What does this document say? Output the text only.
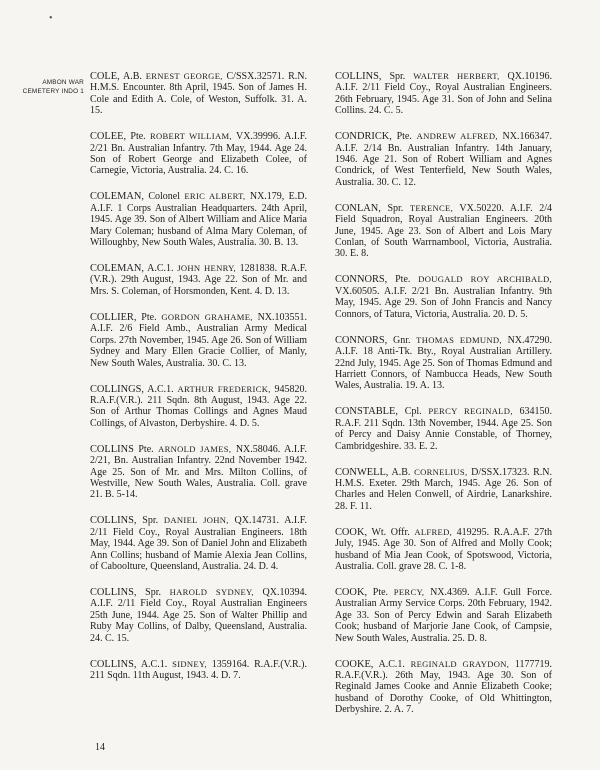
•
AMBON WAR CEMETERY INDO 1

COLE, A.B. ERNEST GEORGE, C/SSX.32571. R.N. H.M.S. Encounter. 8th April, 1945. Son of James H. Cole and Edith A. Cole, of Weston, Suffolk. 31. A. 15.

COLEE, Pte. ROBERT WILLIAM, VX.39996. A.I.F. 2/21 Bn. Australian Infantry. 7th May, 1944. Age 24. Son of Robert George and Elizabeth Colee, of Carnegie, Victoria, Australia. 24. C. 16.

COLEMAN, Colonel ERIC ALBERT, NX.179, E.D. A.I.F. 1 Corps Australian Headquarters. 24th April, 1945. Age 39. Son of Albert William and Alice Maria Mary Coleman; husband of Alma Mary Coleman, of Willoughby, New South Wales, Australia. 30. B. 13.

COLEMAN, A.C.1. JOHN HENRY, 1281838. R.A.F.(V.R.). 29th August, 1943. Age 22. Son of Mr. and Mrs. S. Coleman, of Horsmonden, Kent. 4. D. 13.

COLLIER, Pte. GORDON GRAHAME, NX.103551. A.I.F. 2/6 Field Amb., Australian Army Medical Corps. 27th November, 1945. Age 26. Son of William Sydney and Mary Ellen Gracie Collier, of Manly, New South Wales, Australia. 30. C. 13.

COLLINGS, A.C.1. ARTHUR FREDERICK, 945820. R.A.F.(V.R.). 211 Sqdn. 8th August, 1943. Age 22. Son of Arthur Thomas Collings and Agnes Maud Collings, of Alvaston, Derbyshire. 4. D. 5.

COLLINS Pte. ARNOLD JAMES, NX.58046. A.I.F. 2/21, Bn. Australian Infantry. 22nd November 1942. Age 25. Son of Mr. and Mrs. Milton Collins, of Westville, New South Wales, Australia. Coll. grave 21. B. 5-14.

COLLINS, Spr. DANIEL JOHN, QX.14731. A.I.F. 2/11 Field Coy., Royal Australian Engineers. 18th May, 1944. Age 39. Son of Daniel John and Elizabeth Ann Collins; husband of Mamie Alexia Jean Collins, of Caboolture, Queensland, Australia. 24. D. 4.

COLLINS, Spr. HAROLD SYDNEY, QX.10394. A.I.F. 2/11 Field Coy., Royal Australian Engineers 25th June, 1944. Age 25. Son of Walter Phillip and Ruby May Collins, of Dalby, Queensland, Australia. 24. C. 15.

COLLINS, A.C.1. SIDNEY, 1359164. R.A.F.(V.R.). 211 Sqdn. 11th August, 1943. 4. D. 7.

COLLINS, Spr. WALTER HERBERT, QX.10196. A.I.F. 2/11 Field Coy., Royal Australian Engineers. 26th February, 1945. Age 31. Son of John and Selina Collins. 24. C. 5.

CONDRICK, Pte. ANDREW ALFRED, NX.166347. A.I.F. 2/14 Bn. Australian Infantry. 14th January, 1946. Age 21. Son of Robert William and Agnes Condrick, of West Tenterfield, New South Wales, Australia. 30. C. 12.

CONLAN, Spr. TERENCE, VX.50220. A.I.F. 2/4 Field Squadron, Royal Australian Engineers. 20th June, 1945. Age 23. Son of Albert and Lois Mary Conlan, of South Warrnambool, Victoria, Australia. 30. E. 8.

CONNORS, Pte. DOUGALD ROY ARCHIBALD, VX.60505. A.I.F. 2/21 Bn. Australian Infantry. 9th May, 1945. Age 29. Son of John Francis and Nancy Connors, of Tatura, Victoria, Australia. 20. D. 5.

CONNORS, Gnr. THOMAS EDMUND, NX.47290. A.I.F. 18 Anti-Tk. Bty., Royal Australian Artillery. 22nd July, 1945. Age 25. Son of Thomas Edmund and Harriett Connors, of Nambucca Heads, New South Wales, Australia. 19. A. 13.

CONSTABLE, Cpl. PERCY REGINALD, 634150. R.A.F. 211 Sqdn. 13th November, 1944. Age 25. Son of Percy and Daisy Annie Constable, of Thorney, Cambridgeshire. 33. E. 2.

CONWELL, A.B. CORNELIUS, D/SSX.17323. R.N. H.M.S. Exeter. 29th March, 1945. Age 26. Son of Charles and Helen Conwell, of Airdrie, Lanarkshire. 28. F. 11.

COOK, Wt. Offr. ALFRED, 419295. R.A.A.F. 27th July, 1945. Age 30. Son of Alfred and Molly Cook; husband of Mia Jean Cook, of Spotswood, Victoria, Australia. Coll. grave 28. C. 1-8.

COOK, Pte. PERCY, NX.4369. A.I.F. Gull Force. Australian Army Service Corps. 20th February, 1942. Age 33. Son of Percy Edwin and Sarah Elizabeth Cook; husband of Marjorie Jane Cook, of Campsie, New South Wales, Australia. 25. D. 8.

COOKE, A.C.1. REGINALD GRAYDON, 1177719. R.A.F.(V.R.). 26th May, 1943. Age 30. Son of Reginald James Cooke and Annie Elizabeth Cooke; husband of Dorothy Cooke, of Old Whittington, Derbyshire. 2. A. 7.

14
